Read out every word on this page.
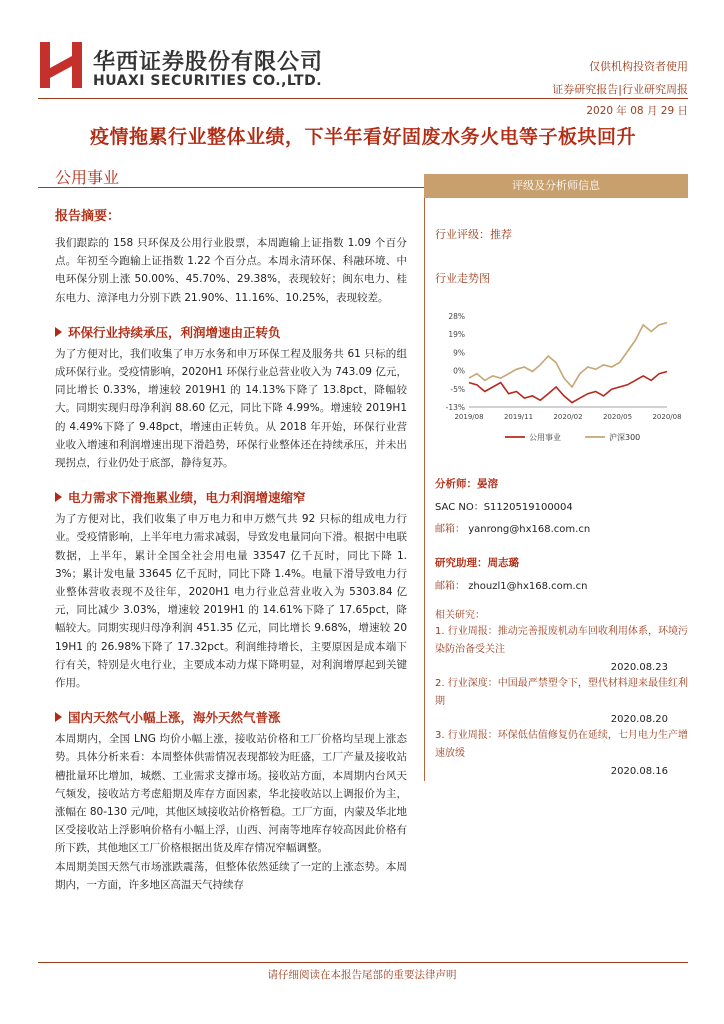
华西证券股份有限公司
HUAXI SECURITIES CO.,LTD.
仅供机构投资者使用
证券研究报告|行业研究周报
2020 年 08 月 29 日
疫情拖累行业整体业绩，下半年看好固废水务火电等子板块回升
公用事业
报告摘要：
我们跟踪的 158 只环保及公用行业股票，本周跑输上证指数 1.09 个百分点。年初至今跑输上证指数 1.22 个百分点。本周永清环保、科融环境、中电环保分别上涨 50.00%、45.70%、29.38%，表现较好；闽东电力、桂东电力、漳泽电力分别下跌 21.90%、11.16%、10.25%，表现较差。
环保行业持续承压，利润增速由正转负
为了方便对比，我们收集了申万水务和申万环保工程及服务共 61 只标的组成环保行业。受疫情影响，2020H1 环保行业总营业收入为 743.09 亿元，同比增长 0.33%，增速较 2019H1 的 14.13%下降了 13.8pct，降幅较大。同期实现归母净利润 88.60 亿元，同比下降 4.99%。增速较 2019H1 的 4.49%下降了 9.48pct，增速由正转负。从 2018 年开始，环保行业营业收入增速和利润增速出现下滑趋势，环保行业整体还在持续承压，并未出现拐点，行业仍处于底部，静待复苏。
电力需求下滑拖累业绩，电力利润增速缩窄
为了方便对比，我们收集了申万电力和申万燃气共 92 只标的组成电力行业。受疫情影响，上半年电力需求减弱，导致发电量同向下滑。根据中电联数据，上半年，累计全国全社会用电量 33547 亿千瓦时，同比下降 1.3%；累计发电量 33645 亿千瓦时，同比下降 1.4%。电量下滑导致电力行业整体营收表现不及往年，2020H1 电力行业总营业收入为 5303.84 亿元，同比减少 3.03%，增速较 2019H1 的 14.61%下降了 17.65pct，降幅较大。同期实现归母净利润 451.35 亿元，同比增长 9.68%，增速较 2019H1 的 26.98%下降了 17.32pct。利润维持增长，主要原因是成本端下行有关，特别是火电行业，主要成本动力煤下降明显，对利润增厚起到关键作用。
国内天然气小幅上涨，海外天然气普涨
本周期内，全国 LNG 均价小幅上涨，接收站价格和工厂价格均呈现上涨态势。具体分析来看：本周整体供需情况表现都较为旺盛，工厂产量及接收站槽批量环比增加，城燃、工业需求支撑市场。接收站方面，本周期内台风天气频发，接收站方考虑船期及库存方面因素，华北接收站以上调报价为主，涨幅在 80-130 元/吨，其他区域接收站价格暂稳。工厂方面，内蒙及华北地区受接收站上浮影响价格有小幅上浮，山西、河南等地库存较高因此价格有所下跌，其他地区工厂价格根据出货及库存情况窄幅调整。
本周期美国天然气市场涨跌震荡，但整体依然延续了一定的上涨态势。本周期内，一方面，许多地区高温天气持续存
评级及分析师信息
行业评级：推荐
行业走势图
28%
19%
9%
0%
-5%
-13%
2019/08	2019/11	2020/02	2020/05	2020/08
公用事业	沪深300
分析师：晏溶
SAC NO：S1120519100004
邮箱： yanrong@hx168.com.cn
研究助理：周志璐
邮箱： zhouzl1@hx168.com.cn
相关研究：
1. 行业周报：推动完善报废机动车回收利用体系，环境污染防治备受关注
2020.08.23
2. 行业深度：中国最严禁塑令下，塑代材料迎来最佳红利期
2020.08.20
3. 行业周报：环保低估值修复仍在延续，七月电力生产增速放缓
2020.08.16
请仔细阅读在本报告尾部的重要法律声明
